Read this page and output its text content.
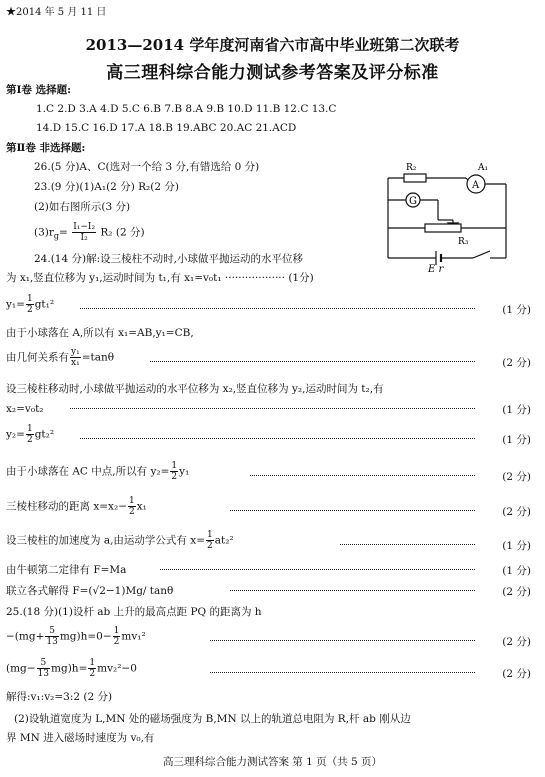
★2014 年 5 月 11 日
2013—2014 学年度河南省六市高中毕业班第二次联考
高三理科综合能力测试参考答案及评分标准
第Ⅰ卷 选择题:
1.C 2.D 3.A 4.D 5.C 6.B 7.B 8.A 9.B 10.D 11.B 12.C 13.C
14.D 15.C 16.D 17.A 18.B 19.ABC 20.AC 21.ACD
第Ⅱ卷 非选择题:
26.(5 分)A、C(选对一个给 3 分,有错选给 0 分)
23.(9 分)(1)A₁(2 分) R₂(2 分)
(2)如右图所示(3 分)
$(3)r_g= \frac{\text{I₁−I₂}}{\text{I₂}} R_2$ (2 分)
R₂	A₁
A
G
R₃
E r
24.(14 分)解:设三棱柱不动时,小球做平抛运动的水平位移
为 x₁,竖直位移为 y₁,运动时间为 t₁,有 x₁=v₀t₁ ·················· (1分)
$y_1= \frac{1}{2} gt_1^2$	(1 分)
由于小球落在 A,所以有 x₁=AB,y₁=CB,
由几何关系有 $\frac{\text{y₁}}{\text{x₁}} =\tan\theta$	(2 分)
设三棱柱移动时,小球做平抛运动的水平位移为 x₂,竖直位移为 y₂,运动时间为 t₂,有
x₂=v₀t₂	(1 分)
$y_2= \frac{1}{2} gt_2^2$	(1 分)
由于小球落在 AC 中点,所以有 $y_2= \frac{1}{2} y_1$	(2 分)
三棱柱移动的距离 $x=x_2- \frac{1}{2} x_1$	(2 分)
设三棱柱的加速度为 a,由运动学公式有 $x= \frac{1}{2} at_2^2$	(1 分)
由牛顿第二定律有 F=Ma	(1 分)
联立各式解得 F=(√2−1)Mg/ tanθ	(2 分)
25.(18 分)(1)设杆 ab 上升的最高点距 PQ 的距离为 h
$-(mg+ \frac{5}{13} mg)h=0- \frac{1}{2} mv_1^2$	(2 分)
$(mg- \frac{5}{13} mg)h= \frac{1}{2} mv_2^2-0$	(2 分)
解得:v₁:v₂=3:2 (2 分)
(2)设轨道宽度为 L,MN 处的磁场强度为 B,MN 以上的轨道总电阻为 R,杆 ab 刚从边
界 MN 进入磁场时速度为 v₀,有
高三理科综合能力测试答案 第 1 页（共 5 页）
